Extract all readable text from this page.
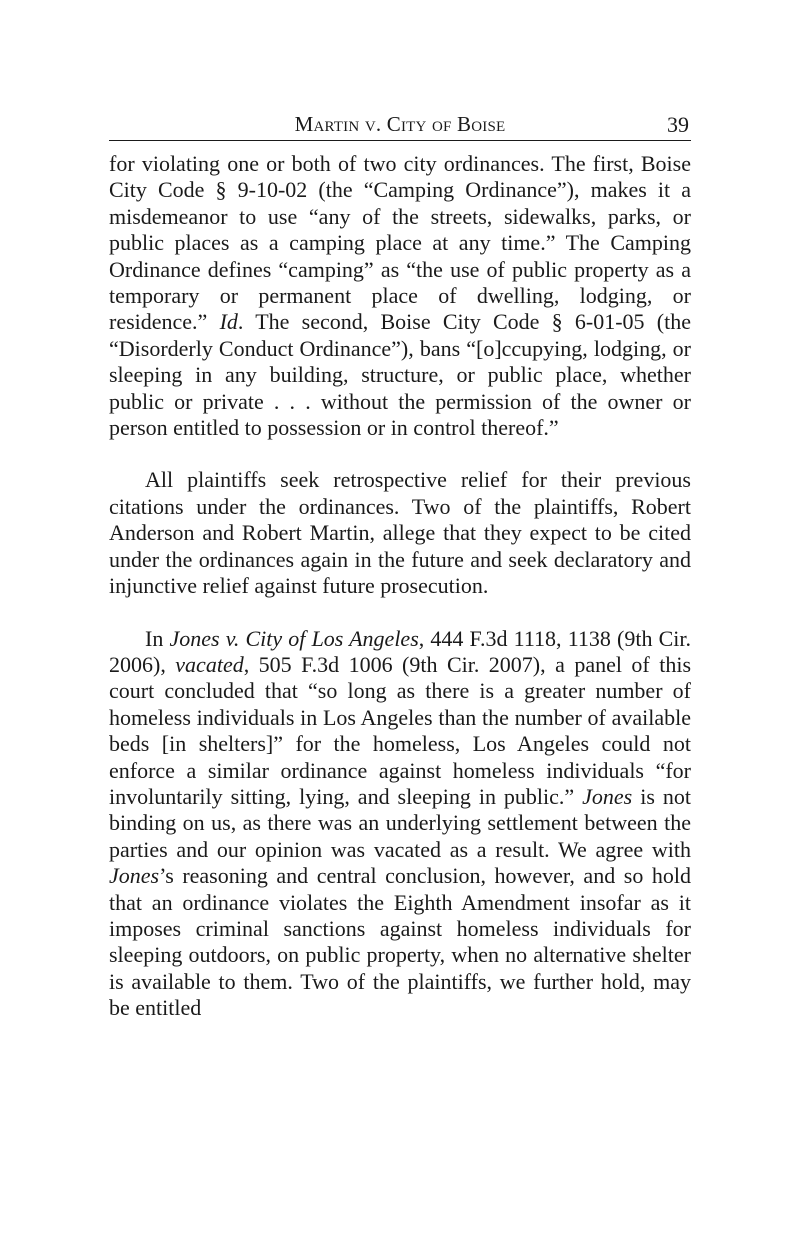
Martin v. City of Boise	39

for violating one or both of two city ordinances. The first, Boise City Code § 9-10-02 (the “Camping Ordinance”), makes it a misdemeanor to use “any of the streets, sidewalks, parks, or public places as a camping place at any time.” The Camping Ordinance defines “camping” as “the use of public property as a temporary or permanent place of dwelling, lodging, or residence.” Id. The second, Boise City Code § 6-01-05 (the “Disorderly Conduct Ordinance”), bans “[o]ccupying, lodging, or sleeping in any building, structure, or public place, whether public or private . . . without the permission of the owner or person entitled to possession or in control thereof.”

All plaintiffs seek retrospective relief for their previous citations under the ordinances. Two of the plaintiffs, Robert Anderson and Robert Martin, allege that they expect to be cited under the ordinances again in the future and seek declaratory and injunctive relief against future prosecution.

In Jones v. City of Los Angeles, 444 F.3d 1118, 1138 (9th Cir. 2006), vacated, 505 F.3d 1006 (9th Cir. 2007), a panel of this court concluded that “so long as there is a greater number of homeless individuals in Los Angeles than the number of available beds [in shelters]” for the homeless, Los Angeles could not enforce a similar ordinance against homeless individuals “for involuntarily sitting, lying, and sleeping in public.” Jones is not binding on us, as there was an underlying settlement between the parties and our opinion was vacated as a result. We agree with Jones’s reasoning and central conclusion, however, and so hold that an ordinance violates the Eighth Amendment insofar as it imposes criminal sanctions against homeless individuals for sleeping outdoors, on public property, when no alternative shelter is available to them. Two of the plaintiffs, we further hold, may be entitled
